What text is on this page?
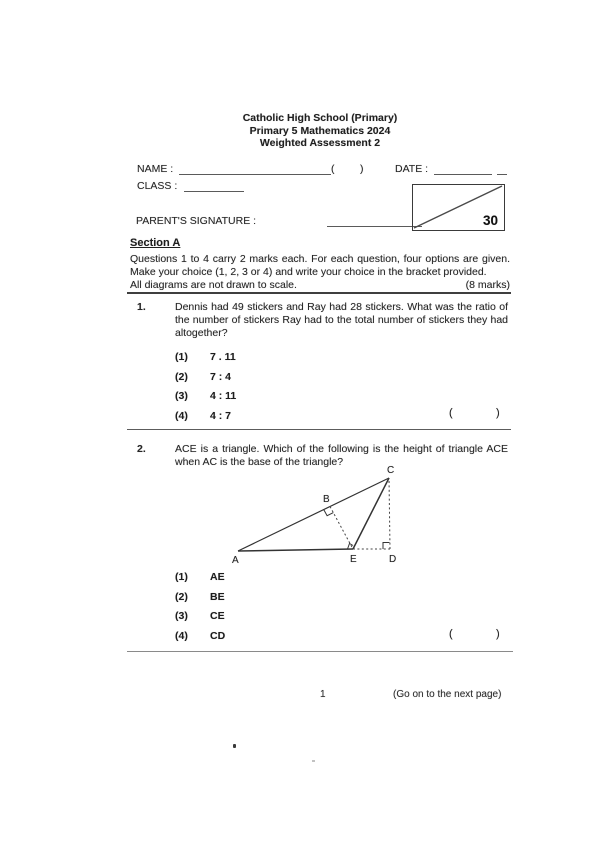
Catholic High School (Primary)
Primary 5 Mathematics 2024
Weighted Assessment 2
NAME :	( )	DATE :
CLASS :
PARENT'S SIGNATURE :	30
Section A
Questions 1 to 4 carry 2 marks each. For each question, four options are given. Make your choice (1, 2, 3 or 4) and write your choice in the bracket provided.
All diagrams are not drawn to scale.	(8 marks)
1.	Dennis had 49 stickers and Ray had 28 stickers. What was the ratio of the number of stickers Ray had to the total number of stickers they had altogether?
(1)	7 . 11
(2)	7 : 4
(3)	4 : 11
(4)	4 : 7	(	)
2.	ACE is a triangle. Which of the following is the height of triangle ACE when AC is the base of the triangle?
A
B
C
D
E
(1)	AE
(2)	BE
(3)	CE
(4)	CD	(	)
1	(Go on to the next page)
